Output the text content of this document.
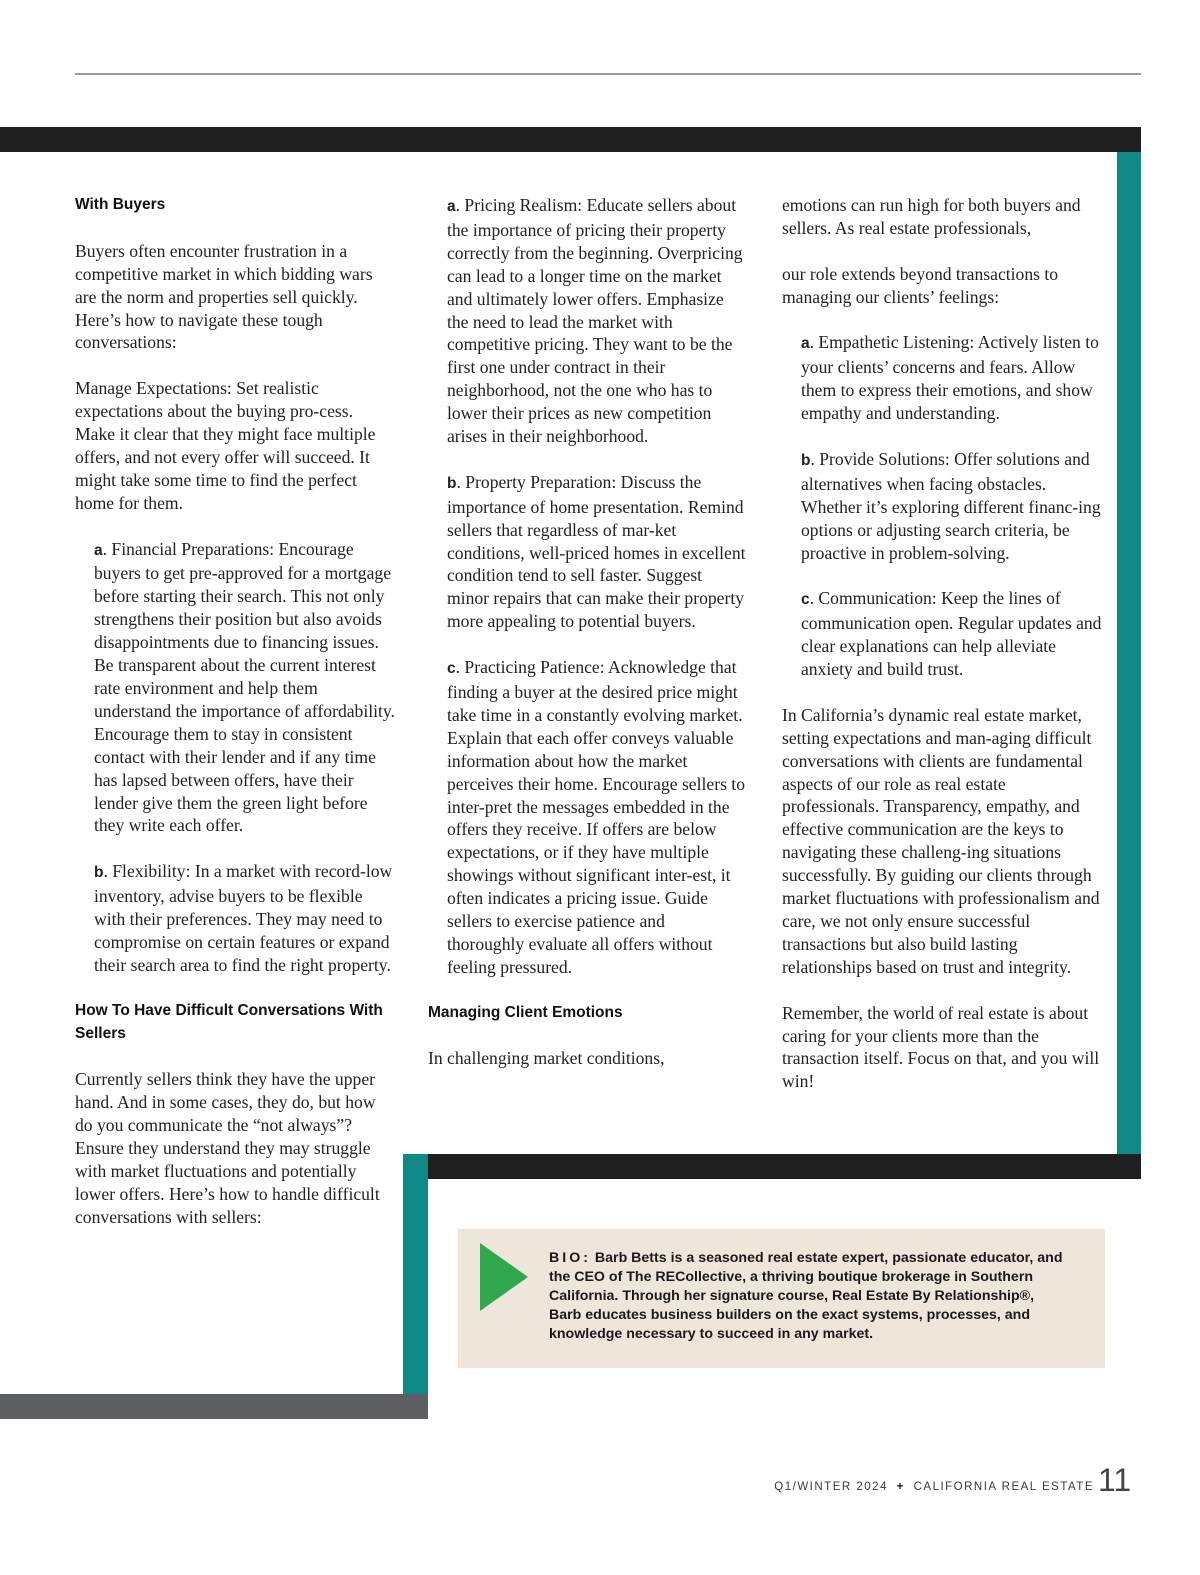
With Buyers

Buyers often encounter frustration in a competitive market in which bidding wars are the norm and properties sell quickly. Here’s how to navigate these tough conversations:

Manage Expectations: Set realistic expectations about the buying pro-cess. Make it clear that they might face multiple offers, and not every offer will succeed. It might take some time to find the perfect home for them.

a. Financial Preparations: Encourage buyers to get pre-approved for a mortgage before starting their search. This not only strengthens their position but also avoids disappointments due to financing issues. Be transparent about the current interest rate environment and help them understand the importance of affordability. Encourage them to stay in consistent contact with their lender and if any time has lapsed between offers, have their lender give them the green light before they write each offer.

b. Flexibility: In a market with record-low inventory, advise buyers to be flexible with their preferences. They may need to compromise on certain features or expand their search area to find the right property.

How To Have Difficult Conversations With Sellers

Currently sellers think they have the upper hand. And in some cases, they do, but how do you communicate the “not always”? Ensure they understand they may struggle with market fluctuations and potentially lower offers. Here’s how to handle difficult conversations with sellers:

a. Pricing Realism: Educate sellers about the importance of pricing their property correctly from the beginning. Overpricing can lead to a longer time on the market and ultimately lower offers. Emphasize the need to lead the market with competitive pricing. They want to be the first one under contract in their neighborhood, not the one who has to lower their prices as new competition arises in their neighborhood.

b. Property Preparation: Discuss the importance of home presentation. Remind sellers that regardless of mar-ket conditions, well-priced homes in excellent condition tend to sell faster. Suggest minor repairs that can make their property more appealing to potential buyers.

c. Practicing Patience: Acknowledge that finding a buyer at the desired price might take time in a constantly evolving market. Explain that each offer conveys valuable information about how the market perceives their home. Encourage sellers to inter-pret the messages embedded in the offers they receive. If offers are below expectations, or if they have multiple showings without significant inter-est, it often indicates a pricing issue. Guide sellers to exercise patience and thoroughly evaluate all offers without feeling pressured.

Managing Client Emotions

In challenging market conditions,

emotions can run high for both buyers and sellers. As real estate professionals,

our role extends beyond transactions to managing our clients’ feelings:

a. Empathetic Listening: Actively listen to your clients’ concerns and fears. Allow them to express their emotions, and show empathy and understanding.

b. Provide Solutions: Offer solutions and alternatives when facing obstacles. Whether it’s exploring different financ-ing options or adjusting search criteria, be proactive in problem-solving.

c. Communication: Keep the lines of communication open. Regular updates and clear explanations can help alleviate anxiety and build trust.

In California’s dynamic real estate market, setting expectations and man-aging difficult conversations with clients are fundamental aspects of our role as real estate professionals. Transparency, empathy, and effective communication are the keys to navigating these challeng-ing situations successfully. By guiding our clients through market fluctuations with professionalism and care, we not only ensure successful transactions but also build lasting relationships based on trust and integrity.

Remember, the world of real estate is about caring for your clients more than the transaction itself. Focus on that, and you will win!

BIO: Barb Betts is a seasoned real estate expert, passionate educator, and the CEO of The RECollective, a thriving boutique brokerage in Southern California. Through her signature course, Real Estate By Relationship®, Barb educates business builders on the exact systems, processes, and knowledge necessary to succeed in any market.
Q1/WINTER 2024 + CALIFORNIA REAL ESTATE 11
